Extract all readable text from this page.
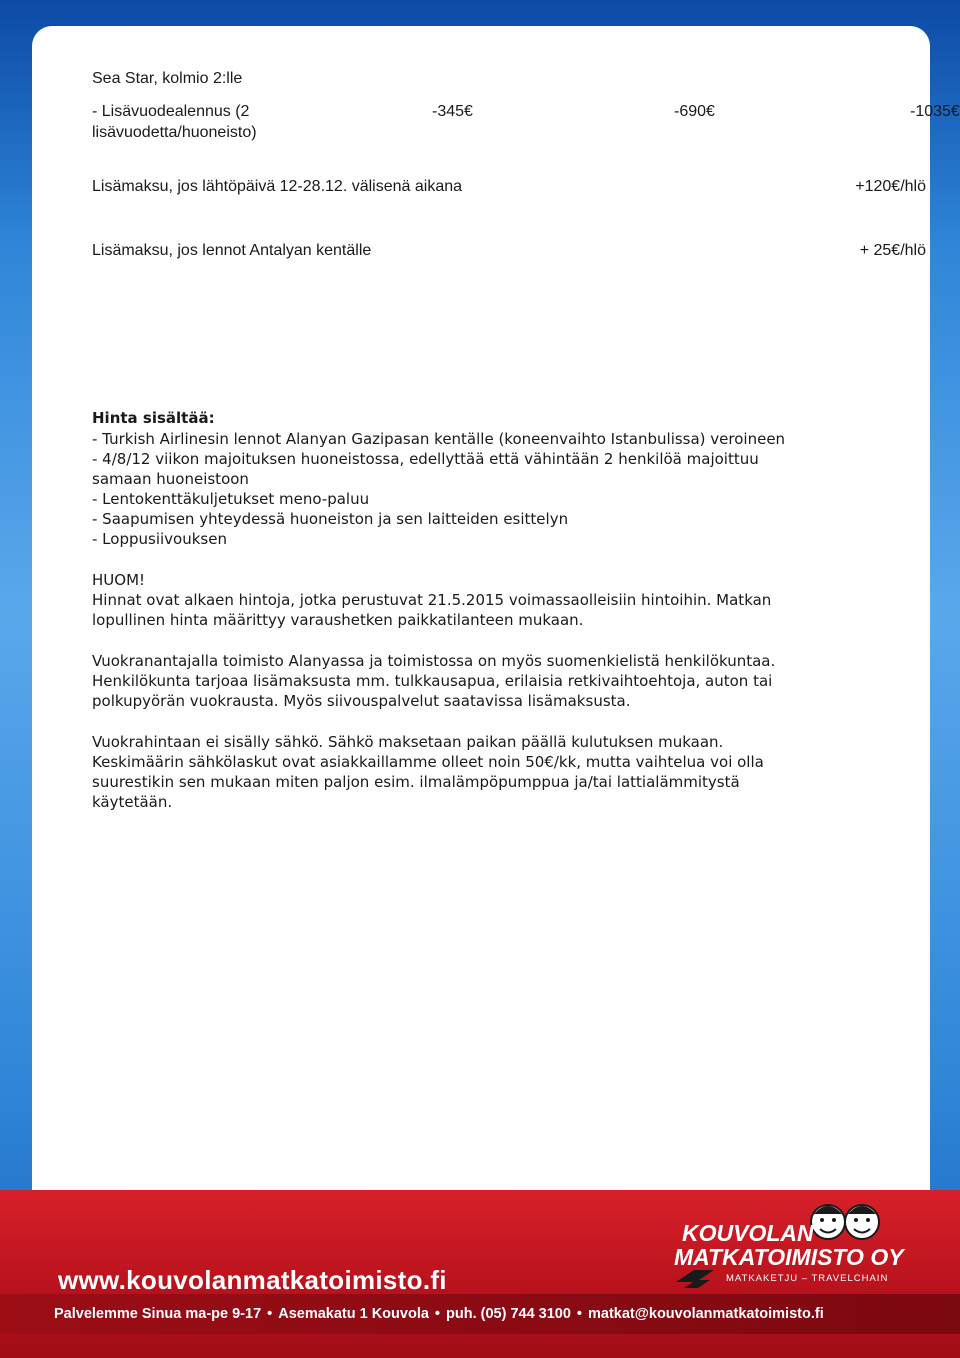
Sea Star, kolmio 2:lle
- Lisävuodealennus (2
lisävuodetta/huoneisto)
-345€	-690€	-1035€
Lisämaksu, jos lähtöpäivä 12-28.12. välisenä aikana	+120€/hlö
Lisämaksu, jos lennot Antalyan kentälle	+ 25€/hlö
Hinta sisältää:
- Turkish Airlinesin lennot Alanyan Gazipasan kentälle (koneenvaihto Istanbulissa) veroineen
- 4/8/12 viikon majoituksen huoneistossa, edellyttää että vähintään 2 henkilöä majoittuu
samaan huoneistoon
- Lentokenttäkuljetukset meno-paluu
- Saapumisen yhteydessä huoneiston ja sen laitteiden esittelyn
- Loppusiivouksen
HUOM!
Hinnat ovat alkaen hintoja, jotka perustuvat 21.5.2015 voimassaolleisiin hintoihin. Matkan
lopullinen hinta määrittyy varaushetken paikkatilanteen mukaan.
Vuokranantajalla toimisto Alanyassa ja toimistossa on myös suomenkielistä henkilökuntaa.
Henkilökunta tarjoaa lisämaksusta mm. tulkkausapua, erilaisia retkivaihtoehtoja, auton tai
polkupyörän vuokrausta. Myös siivouspalvelut saatavissa lisämaksusta.
Vuokrahintaan ei sisälly sähkö. Sähkö maksetaan paikan päällä kulutuksen mukaan.
Keskimäärin sähkölaskut ovat asiakkaillamme olleet noin 50€/kk, mutta vaihtelua voi olla
suurestikin sen mukaan miten paljon esim. ilmalämpöpumppua ja/tai lattialämmitystä
käytetään.
KOUVOLAN
MATKATOIMISTO OY
MATKAKETJU – TRAVELCHAIN
www.kouvolanmatkatoimisto.fi
Palvelemme Sinua ma-pe 9-17 • Asemakatu 1 Kouvola • puh. (05) 744 3100 • matkat@kouvolanmatkatoimisto.fi
